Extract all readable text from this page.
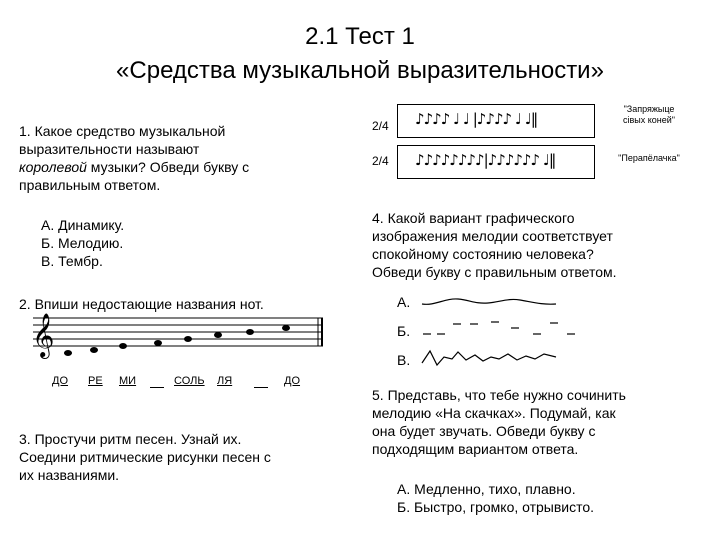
2.1 Тест 1
«Средства музыкальной выразительности»
1. Какое средство музыкальной
выразительности называют
королевой музыки? Обведи букву с
правильным ответом.
А. Динамику.
Б. Мелодию.
В. Тембр.
2. Впиши недостающие названия нот.
𝄞
ДО РЕ МИ	СОЛЬ ЛЯ	ДО
3. Простучи ритм песен. Узнай их.
Соедини ритмические рисунки песен с
их названиями.
2/4 ♪♪♪♪ ♩ ♩ |♪♪♪♪ ♩ ♩‖
"Запряжыце
сівых коней"
2/4 ♪♪♪♪♪♪♪♪|♪♪♪♪♪♪ ♩‖	"Перапёлачка"
4. Какой вариант графического
изображения мелодии соответствует
спокойному состоянию человека?
Обведи букву с правильным ответом.
А.
Б.
В.
5. Представь, что тебе нужно сочинить
мелодию «На скачках». Подумай, как
она будет звучать. Обведи букву с
подходящим вариантом ответа.
А. Медленно, тихо, плавно.
Б. Быстро, громко, отрывисто.
